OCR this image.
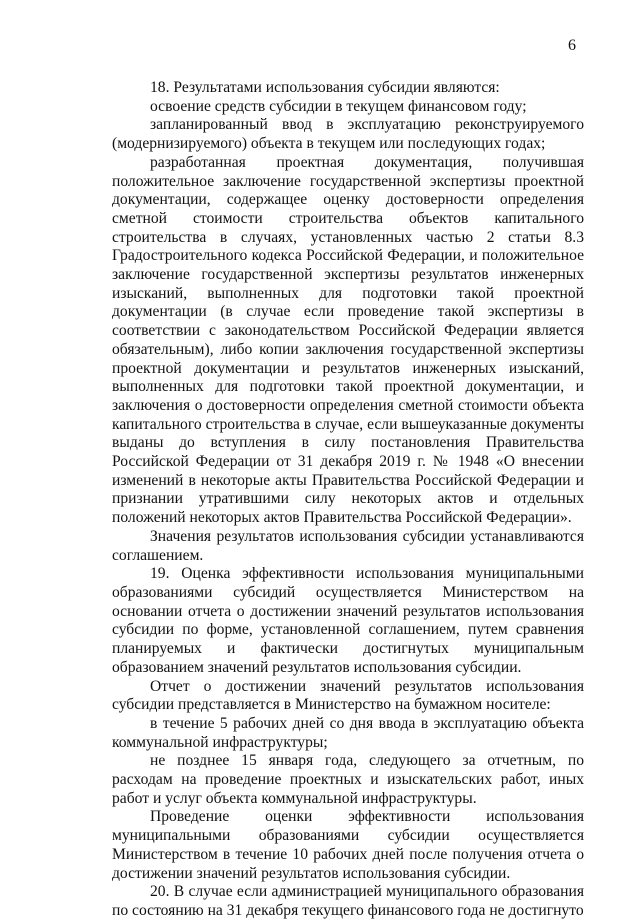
6

18. Результатами использования субсидии являются:

освоение средств субсидии в текущем финансовом году;

запланированный ввод в эксплуатацию реконструируемого (модернизируемого) объекта в текущем или последующих годах;

разработанная проектная документация, получившая положительное заключение государственной экспертизы проектной документации, содержащее оценку достоверности определения сметной стоимости строительства объектов капитального строительства в случаях, установленных частью 2 статьи 8.3 Градостроительного кодекса Российской Федерации, и положительное заключение государственной экспертизы результатов инженерных изысканий, выполненных для подготовки такой проектной документации (в случае если проведение такой экспертизы в соответствии с законодательством Российской Федерации является обязательным), либо копии заключения государственной экспертизы проектной документации и результатов инженерных изысканий, выполненных для подготовки такой проектной документации, и заключения о достоверности определения сметной стоимости объекта капитального строительства в случае, если вышеуказанные документы выданы до вступления в силу постановления Правительства Российской Федерации от 31 декабря 2019 г. № 1948 «О внесении изменений в некоторые акты Правительства Российской Федерации и признании утратившими силу некоторых актов и отдельных положений некоторых актов Правительства Российской Федерации».

Значения результатов использования субсидии устанавливаются соглашением.

19. Оценка эффективности использования муниципальными образованиями субсидий осуществляется Министерством на основании отчета о достижении значений результатов использования субсидии по форме, установленной соглашением, путем сравнения планируемых и фактически достигнутых муниципальным образованием значений результатов использования субсидии.

Отчет о достижении значений результатов использования субсидии представляется в Министерство на бумажном носителе:

в течение 5 рабочих дней со дня ввода в эксплуатацию объекта коммунальной инфраструктуры;

не позднее 15 января года, следующего за отчетным, по расходам на проведение проектных и изыскательских работ, иных работ и услуг объекта коммунальной инфраструктуры.

Проведение оценки эффективности использования муниципальными образованиями субсидии осуществляется Министерством в течение 10 рабочих дней после получения отчета о достижении значений результатов использования субсидии.

20. В случае если администрацией муниципального образования по состоянию на 31 декабря текущего финансового года не достигнуто
